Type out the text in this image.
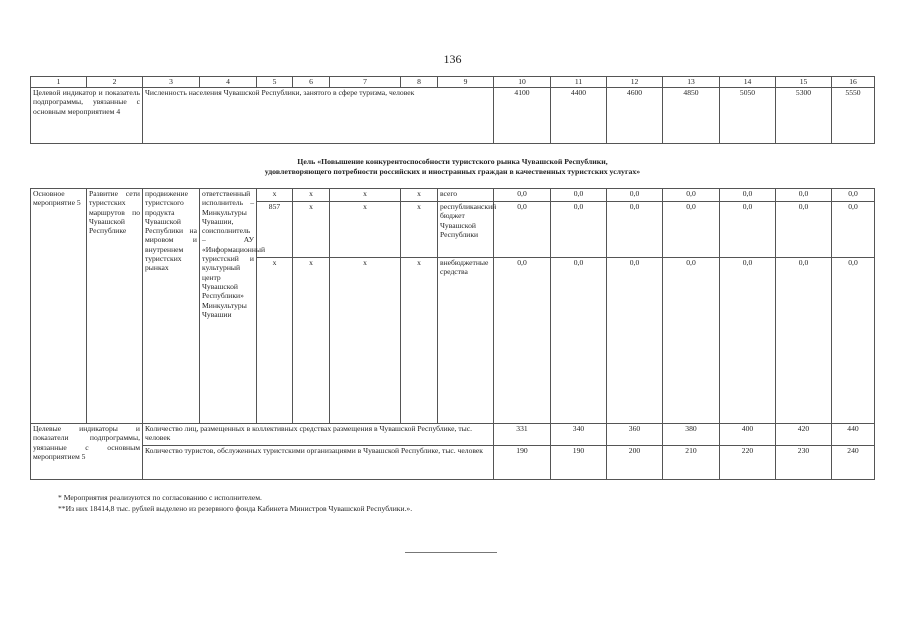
136
1	2	3	4	5	6	7	8	9	10	11	12	13	14	15	16
Целевой индикатор и показатель подпрограммы, увязанные с основным мероприятием 4		Численность населения Чувашской Республики, занятого в сфере туризма, человек							4100	4400	4600	4850	5050	5300	5550
Цель «Повышение конкурентоспособности туристского рынка Чувашской Республики,
удовлетворяющего потребности российских и иностранных граждан в качественных туристских услугах»
Основное мероприятие 5	Развитие сети туристских маршрутов по Чувашской Республике	продвижение туристского продукта Чувашской Республики на мировом и внутреннем туристских рынках	ответственный исполнитель – Минкультуры Чувашии, соисполнитель – АУ «Информационный туристский и культурный центр Чувашской Республики» Минкультуры Чувашии	x	x	x	x	всего	0,0	0,0	0,0	0,0	0,0	0,0	0,0
				857	x	x	x	республиканский бюджет Чувашской Республики	0,0	0,0	0,0	0,0	0,0	0,0	0,0
				x	x	x	x	внебюджетные средства	0,0	0,0	0,0	0,0	0,0	0,0	0,0
Целевые индикаторы и показатели подпрограммы, увязанные с основным мероприятием 5		Количество лиц, размещенных в коллективных средствах размещения в Чувашской Республике, тыс. человек							331	340	360	380	400	420	440
		Количество туристов, обслуженных туристскими организациями в Чувашской Республике, тыс. человек							190	190	200	210	220	230	240
* Мероприятия реализуются по согласованию с исполнителем.
**Из них 18414,8 тыс. рублей выделено из резервного фонда Кабинета Министров Чувашской Республики.».
